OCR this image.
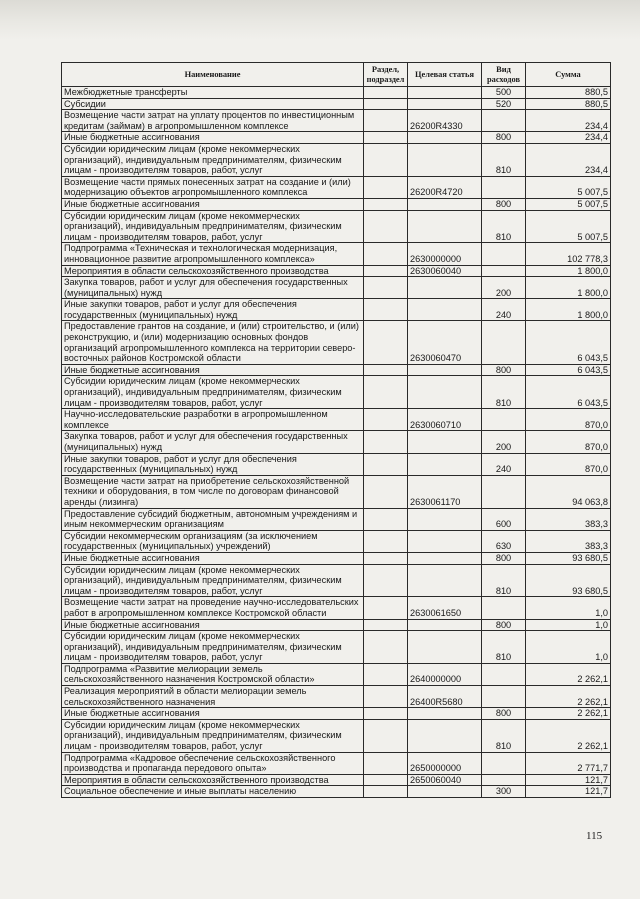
Наименование	Раздел, подраздел	Целевая статья	Вид расходов	Сумма
Межбюджетные трансферты			500	880,5
Субсидии			520	880,5
Возмещение части затрат на уплату процентов по инвестиционным кредитам (займам) в агропромышленном комплексе		26200R4330		234,4
Иные бюджетные ассигнования			800	234,4
Субсидии юридическим лицам (кроме некоммерческих организаций), индивидуальным предпринимателям, физическим лицам - производителям товаров, работ, услуг			810	234,4
Возмещение части прямых понесенных затрат на создание и (или) модернизацию объектов агропромышленного комплекса		26200R4720		5 007,5
Иные бюджетные ассигнования			800	5 007,5
Субсидии юридическим лицам (кроме некоммерческих организаций), индивидуальным предпринимателям, физическим лицам - производителям товаров, работ, услуг			810	5 007,5
Подпрограмма «Техническая и технологическая модернизация, инновационное развитие агропромышленного комплекса»		2630000000		102 778,3
Мероприятия в области сельскохозяйственного производства		2630060040		1 800,0
Закупка товаров, работ и услуг для обеспечения государственных (муниципальных) нужд			200	1 800,0
Иные закупки товаров, работ и услуг для обеспечения государственных (муниципальных) нужд			240	1 800,0
Предоставление грантов на создание, и (или) строительство, и (или) реконструкцию, и (или) модернизацию основных фондов организаций агропромышленного комплекса на территории северо-восточных районов Костромской области		2630060470		6 043,5
Иные бюджетные ассигнования			800	6 043,5
Субсидии юридическим лицам (кроме некоммерческих организаций), индивидуальным предпринимателям, физическим лицам - производителям товаров, работ, услуг			810	6 043,5
Научно-исследовательские разработки в агропромышленном комплексе		2630060710		870,0
Закупка товаров, работ и услуг для обеспечения государственных (муниципальных) нужд			200	870,0
Иные закупки товаров, работ и услуг для обеспечения государственных (муниципальных) нужд			240	870,0
Возмещение части затрат на приобретение сельскохозяйственной техники и оборудования, в том числе по договорам финансовой аренды (лизинга)		2630061170		94 063,8
Предоставление субсидий бюджетным, автономным учреждениям и иным некоммерческим организациям			600	383,3
Субсидии некоммерческим организациям (за исключением государственных (муниципальных) учреждений)			630	383,3
Иные бюджетные ассигнования			800	93 680,5
Субсидии юридическим лицам (кроме некоммерческих организаций), индивидуальным предпринимателям, физическим лицам - производителям товаров, работ, услуг			810	93 680,5
Возмещение части затрат на проведение научно-исследовательских работ в агропромышленном комплексе Костромской области		2630061650		1,0
Иные бюджетные ассигнования			800	1,0
Субсидии юридическим лицам (кроме некоммерческих организаций), индивидуальным предпринимателям, физическим лицам - производителям товаров, работ, услуг			810	1,0
Подпрограмма «Развитие мелиорации земель сельскохозяйственного назначения Костромской области»		2640000000		2 262,1
Реализация мероприятий в области мелиорации земель сельскохозяйственного назначения		26400R5680		2 262,1
Иные бюджетные ассигнования			800	2 262,1
Субсидии юридическим лицам (кроме некоммерческих организаций), индивидуальным предпринимателям, физическим лицам - производителям товаров, работ, услуг			810	2 262,1
Подпрограмма «Кадровое обеспечение сельскохозяйственного производства и пропаганда передового опыта»		2650000000		2 771,7
Мероприятия в области сельскохозяйственного производства		2650060040		121,7
Социальное обеспечение и иные выплаты населению			300	121,7
115
